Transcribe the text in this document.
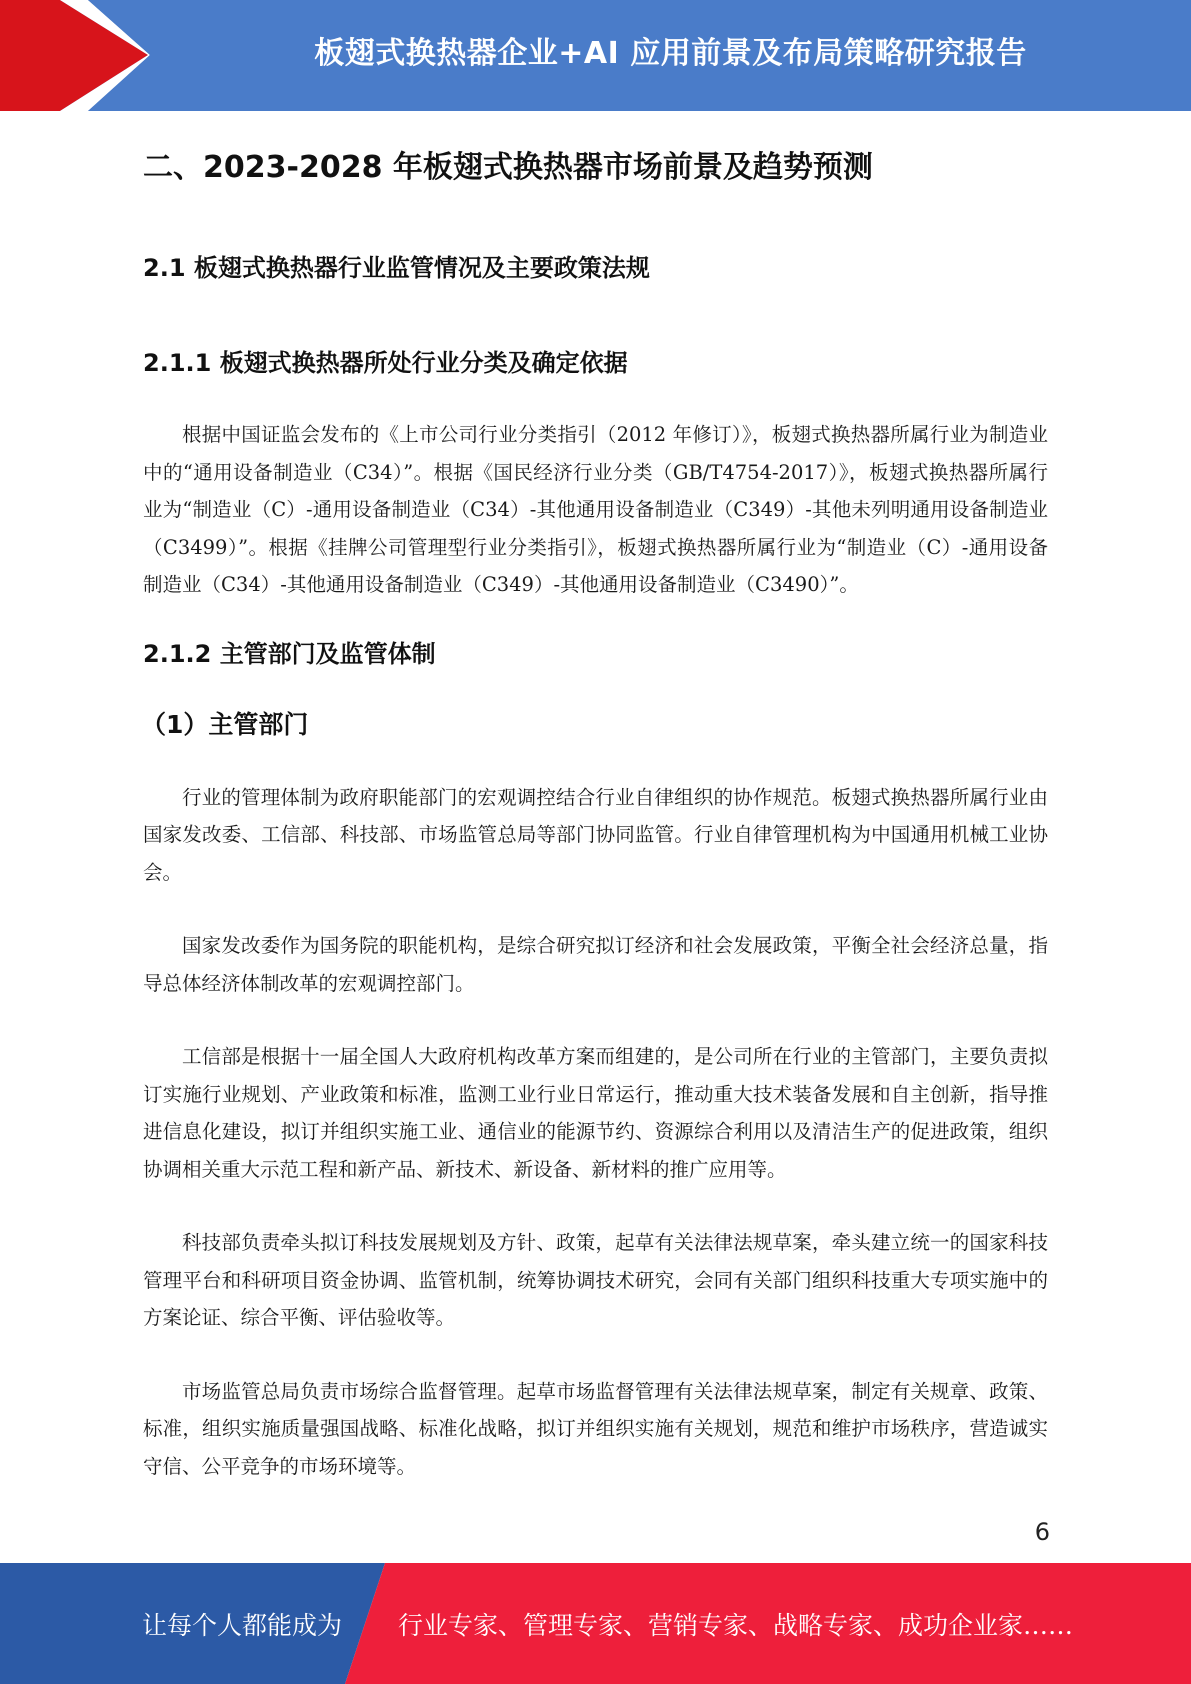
板翅式换热器企业+AI 应用前景及布局策略研究报告
二、2023-2028 年板翅式换热器市场前景及趋势预测
2.1 板翅式换热器行业监管情况及主要政策法规
2.1.1 板翅式换热器所处行业分类及确定依据

根据中国证监会发布的《上市公司行业分类指引（2012 年修订）》，板翅式换热器所属行业为制造业中的“通用设备制造业（C34）”。根据《国民经济行业分类（GB/T4754-2017）》，板翅式换热器所属行业为“制造业（C）-通用设备制造业（C34）-其他通用设备制造业（C349）-其他未列明通用设备制造业（C3499）”。根据《挂牌公司管理型行业分类指引》，板翅式换热器所属行业为“制造业（C）-通用设备制造业（C34）-其他通用设备制造业（C349）-其他通用设备制造业（C3490）”。

2.1.2 主管部门及监管体制
（1）主管部门

行业的管理体制为政府职能部门的宏观调控结合行业自律组织的协作规范。板翅式换热器所属行业由国家发改委、工信部、科技部、市场监管总局等部门协同监管。行业自律管理机构为中国通用机械工业协会。

国家发改委作为国务院的职能机构，是综合研究拟订经济和社会发展政策，平衡全社会经济总量，指导总体经济体制改革的宏观调控部门。

工信部是根据十一届全国人大政府机构改革方案而组建的，是公司所在行业的主管部门，主要负责拟订实施行业规划、产业政策和标准，监测工业行业日常运行，推动重大技术装备发展和自主创新，指导推进信息化建设，拟订并组织实施工业、通信业的能源节约、资源综合利用以及清洁生产的促进政策，组织协调相关重大示范工程和新产品、新技术、新设备、新材料的推广应用等。

科技部负责牵头拟订科技发展规划及方针、政策，起草有关法律法规草案，牵头建立统一的国家科技管理平台和科研项目资金协调、监管机制，统筹协调技术研究，会同有关部门组织科技重大专项实施中的方案论证、综合平衡、评估验收等。

市场监管总局负责市场综合监督管理。起草市场监督管理有关法律法规草案，制定有关规章、政策、标准，组织实施质量强国战略、标准化战略，拟订并组织实施有关规划，规范和维护市场秩序，营造诚实守信、公平竞争的市场环境等。

6
让每个人都能成为 行业专家、管理专家、营销专家、战略专家、成功企业家……
